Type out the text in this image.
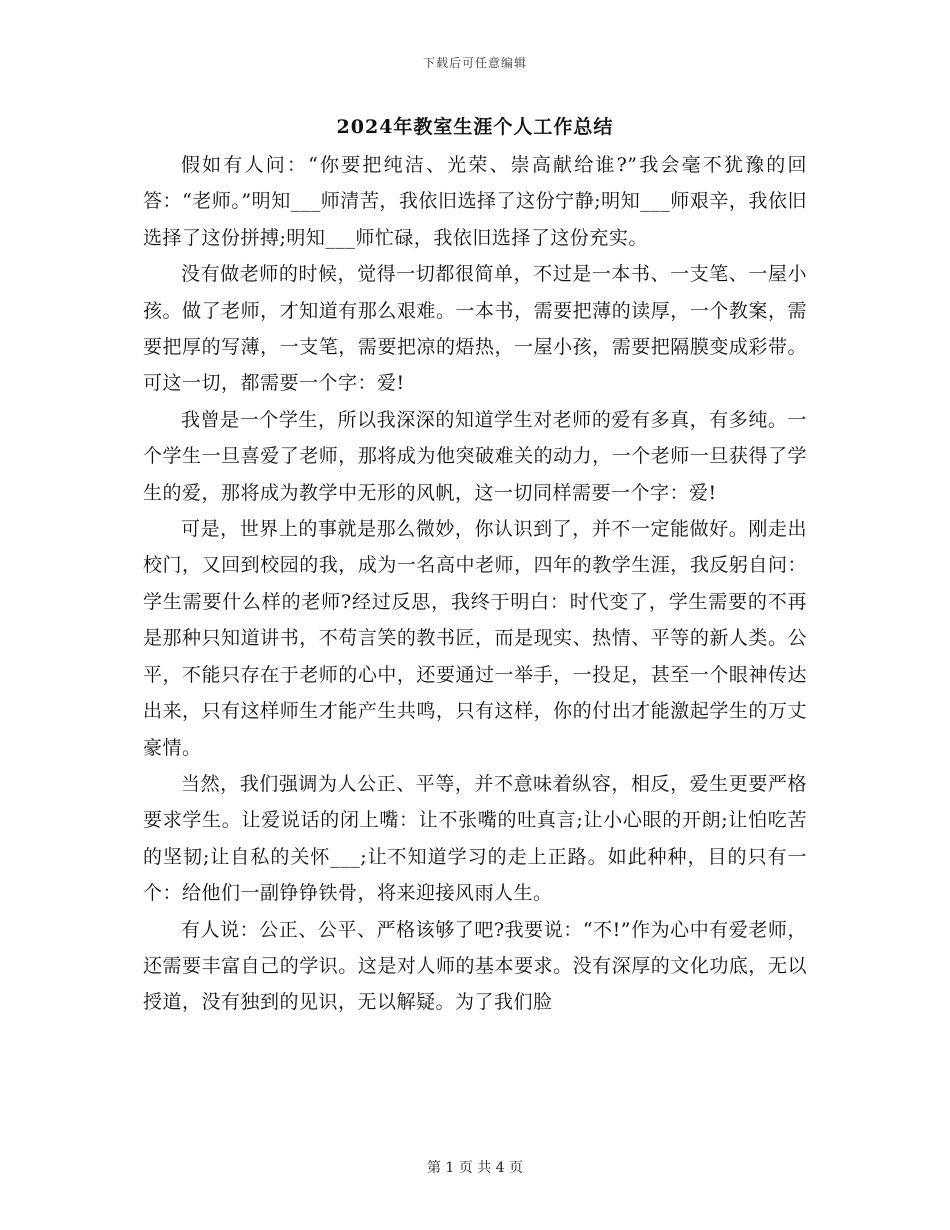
下载后可任意编辑
2024年教室生涯个人工作总结

假如有人问：“你要把纯洁、光荣、崇高献给谁?”我会毫不犹豫的回答：“老师。”明知___师清苦，我依旧选择了这份宁静;明知___师艰辛，我依旧选择了这份拼搏;明知___师忙碌，我依旧选择了这份充实。

没有做老师的时候，觉得一切都很简单，不过是一本书、一支笔、一屋小孩。做了老师，才知道有那么艰难。一本书，需要把薄的读厚，一个教案，需要把厚的写薄，一支笔，需要把凉的焐热，一屋小孩，需要把隔膜变成彩带。可这一切，都需要一个字：爱!

我曾是一个学生，所以我深深的知道学生对老师的爱有多真，有多纯。一个学生一旦喜爱了老师，那将成为他突破难关的动力，一个老师一旦获得了学生的爱，那将成为教学中无形的风帆，这一切同样需要一个字：爱!

可是，世界上的事就是那么微妙，你认识到了，并不一定能做好。刚走出校门，又回到校园的我，成为一名高中老师，四年的教学生涯，我反躬自问：学生需要什么样的老师?经过反思，我终于明白：时代变了，学生需要的不再是那种只知道讲书，不苟言笑的教书匠，而是现实、热情、平等的新人类。公平，不能只存在于老师的心中，还要通过一举手，一投足，甚至一个眼神传达出来，只有这样师生才能产生共鸣，只有这样，你的付出才能激起学生的万丈豪情。

当然，我们强调为人公正、平等，并不意味着纵容，相反，爱生更要严格要求学生。让爱说话的闭上嘴：让不张嘴的吐真言;让小心眼的开朗;让怕吃苦的坚韧;让自私的关怀___;让不知道学习的走上正路。如此种种，目的只有一个：给他们一副铮铮铁骨，将来迎接风雨人生。

有人说：公正、公平、严格该够了吧?我要说：“不!”作为心中有爱老师，还需要丰富自己的学识。这是对人师的基本要求。没有深厚的文化功底，无以授道，没有独到的见识，无以解疑。为了我们脸

第 1 页 共 4 页
